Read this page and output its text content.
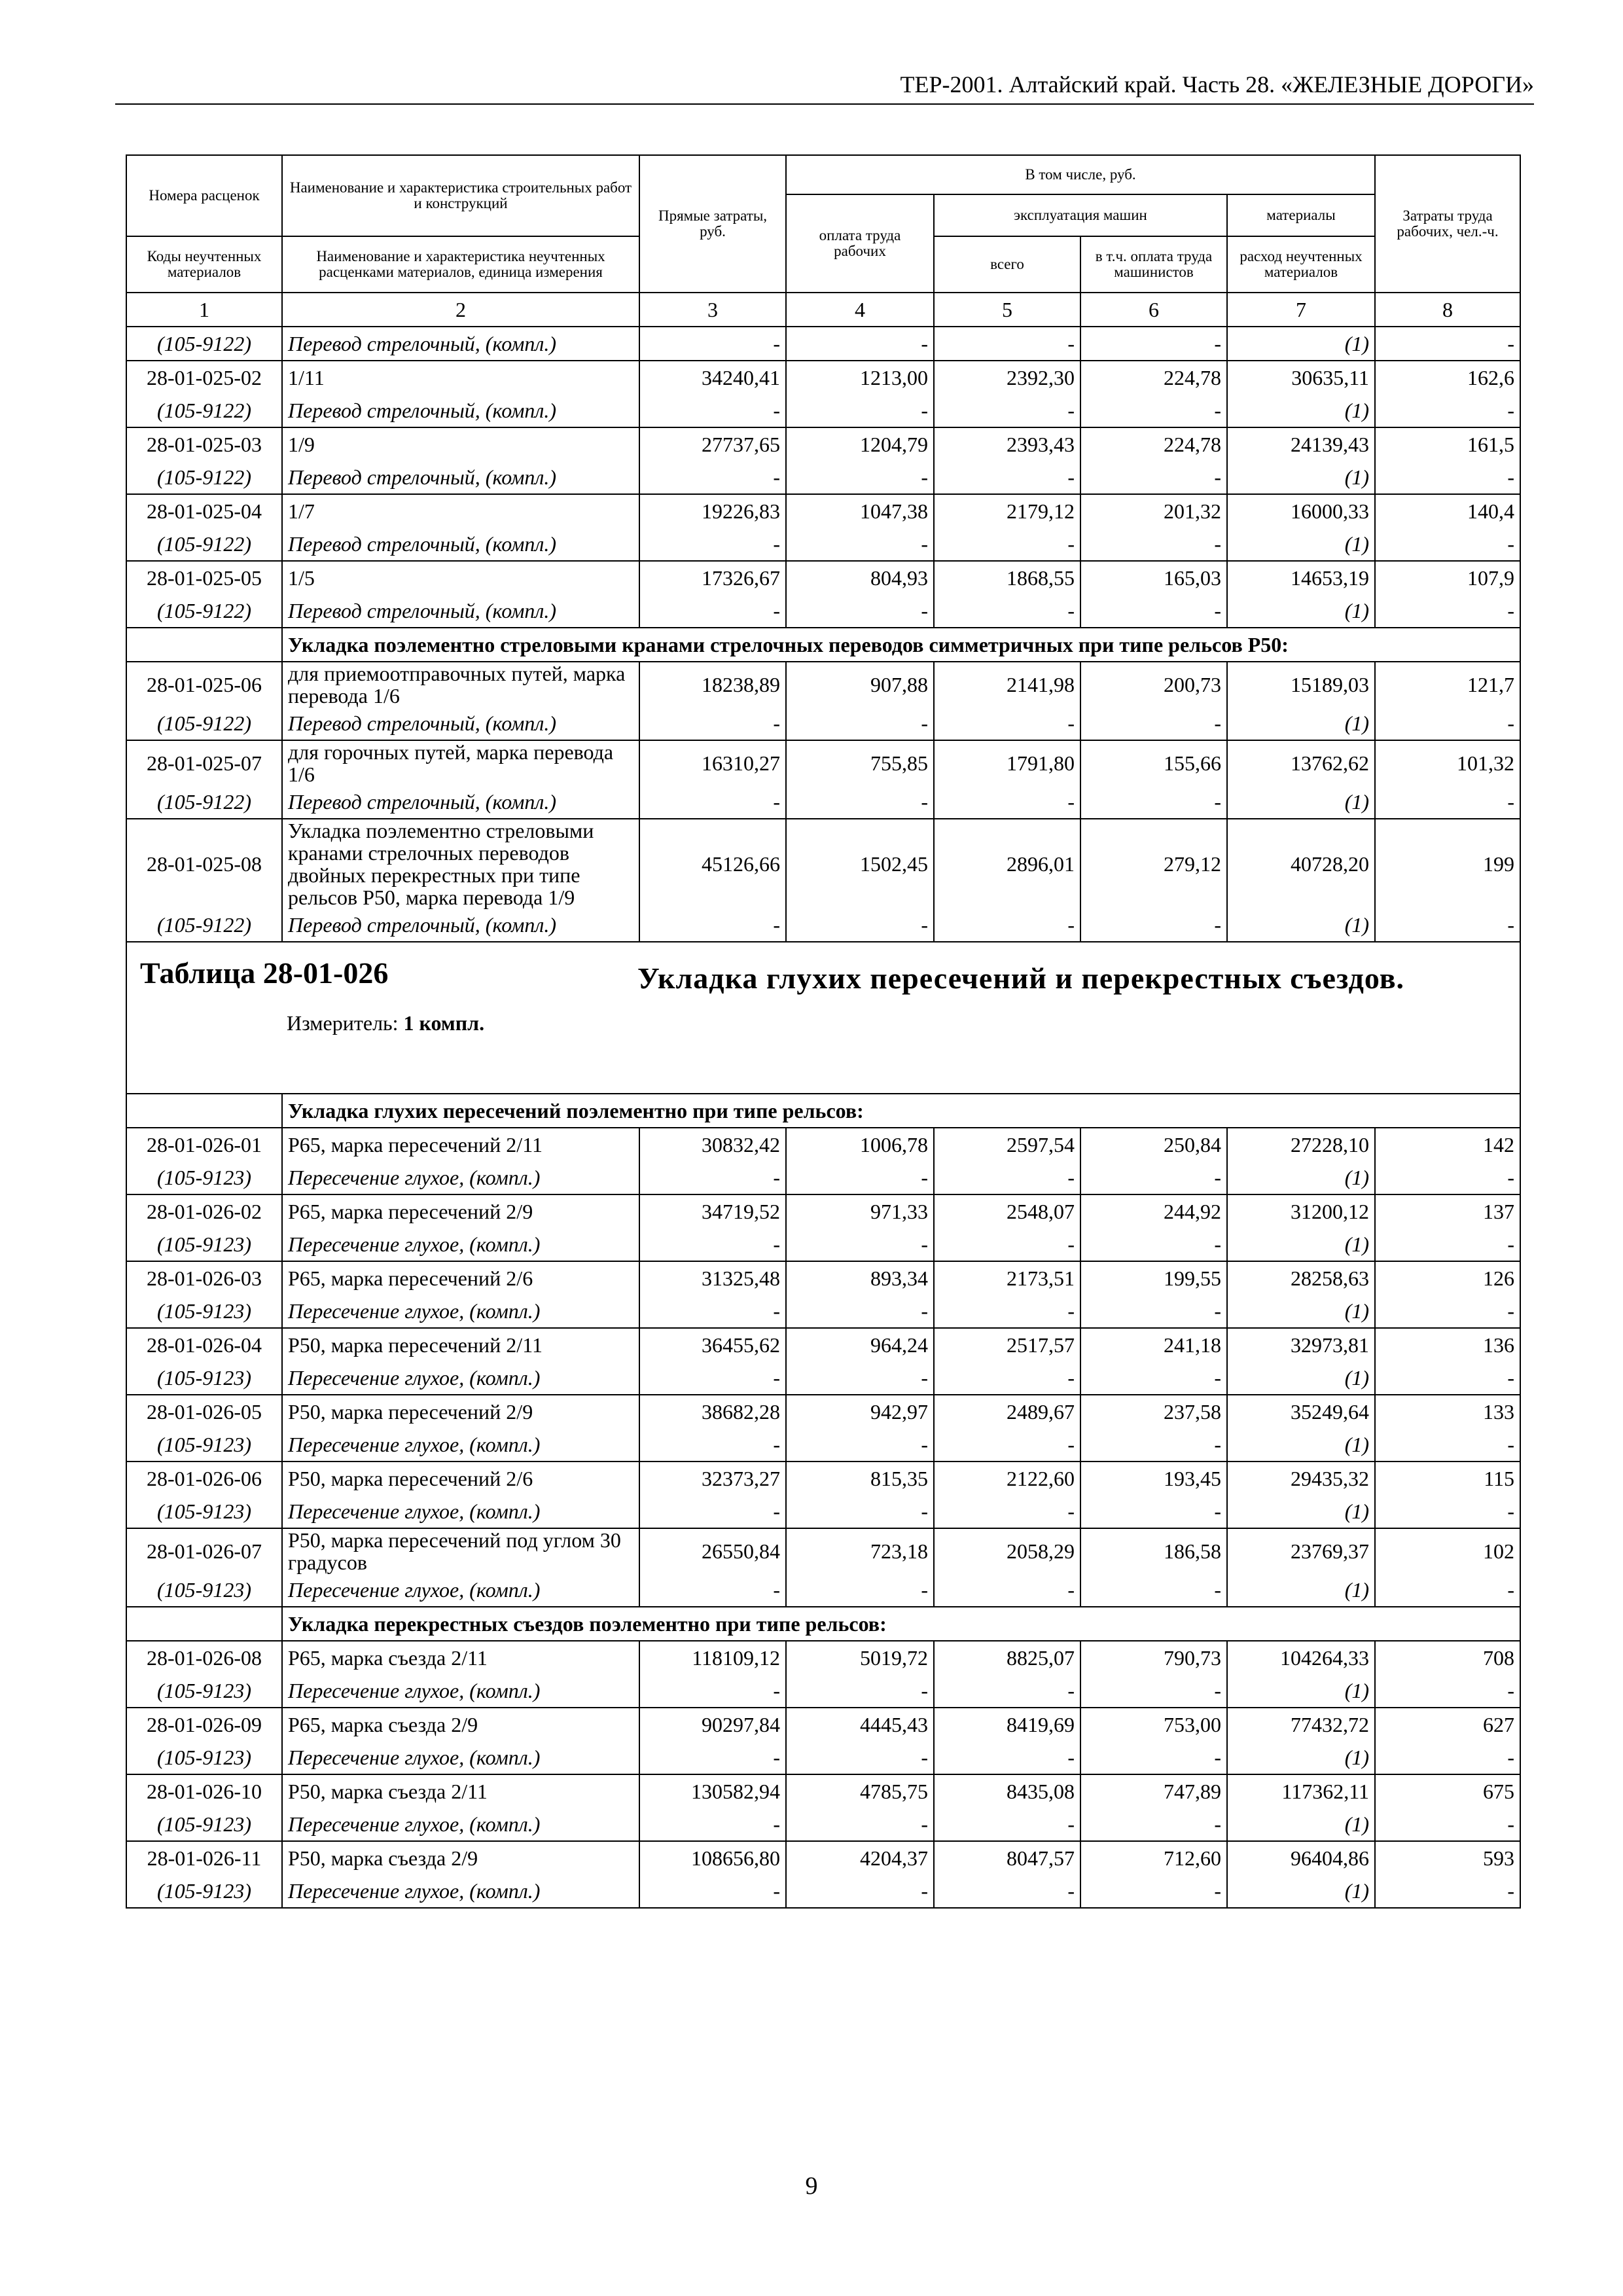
ТЕР-2001. Алтайский край. Часть 28. «ЖЕЛЕЗНЫЕ ДОРОГИ»
Номера расценок	Наименование и характеристика строительных работ и конструкций	Прямые затраты, руб.	В том числе, руб.				Затраты труда рабочих, чел.-ч.
			оплата труда рабочих	эксплуатация машин		материалы	
Коды неучтенных материалов	Наименование и характеристика неучтенных расценками материалов, единица измерения			всего	в т.ч. оплата труда машинистов	расход неучтенных материалов	
1	2	3	4	5	6	7	8
(105-9122)	Перевод стрелочный, (компл.)	-	-	-	-	(1)	-
28-01-025-02	1/11	34240,41	1213,00	2392,30	224,78	30635,11	162,6
(105-9122)	Перевод стрелочный, (компл.)	-	-	-	-	(1)	-
28-01-025-03	1/9	27737,65	1204,79	2393,43	224,78	24139,43	161,5
(105-9122)	Перевод стрелочный, (компл.)	-	-	-	-	(1)	-
28-01-025-04	1/7	19226,83	1047,38	2179,12	201,32	16000,33	140,4
(105-9122)	Перевод стрелочный, (компл.)	-	-	-	-	(1)	-
28-01-025-05	1/5	17326,67	804,93	1868,55	165,03	14653,19	107,9
(105-9122)	Перевод стрелочный, (компл.)	-	-	-	-	(1)	-
	Укладка поэлементно стреловыми кранами стрелочных переводов симметричных при типе рельсов Р50:						
28-01-025-06	для приемоотправочных путей, марка перевода 1/6	18238,89	907,88	2141,98	200,73	15189,03	121,7
(105-9122)	Перевод стрелочный, (компл.)	-	-	-	-	(1)	-
28-01-025-07	для горочных путей, марка перевода 1/6	16310,27	755,85	1791,80	155,66	13762,62	101,32
(105-9122)	Перевод стрелочный, (компл.)	-	-	-	-	(1)	-
28-01-025-08	Укладка поэлементно стреловыми кранами стрелочных переводов двойных перекрестных при типе рельсов Р50, марка перевода 1/9	45126,66	1502,45	2896,01	279,12	40728,20	199
(105-9122)	Перевод стрелочный, (компл.)	-	-	-	-	(1)	-
Таблица 28-01-026 Укладка глухих пересечений и перекрестных съездов.
Измеритель: 1 компл.							

	Укладка глухих пересечений поэлементно при типе рельсов:						
28-01-026-01	Р65, марка пересечений 2/11	30832,42	1006,78	2597,54	250,84	27228,10	142
(105-9123)	Пересечение глухое, (компл.)	-	-	-	-	(1)	-
28-01-026-02	Р65, марка пересечений 2/9	34719,52	971,33	2548,07	244,92	31200,12	137
(105-9123)	Пересечение глухое, (компл.)	-	-	-	-	(1)	-
28-01-026-03	Р65, марка пересечений 2/6	31325,48	893,34	2173,51	199,55	28258,63	126
(105-9123)	Пересечение глухое, (компл.)	-	-	-	-	(1)	-
28-01-026-04	Р50, марка пересечений 2/11	36455,62	964,24	2517,57	241,18	32973,81	136
(105-9123)	Пересечение глухое, (компл.)	-	-	-	-	(1)	-
28-01-026-05	Р50, марка пересечений 2/9	38682,28	942,97	2489,67	237,58	35249,64	133
(105-9123)	Пересечение глухое, (компл.)	-	-	-	-	(1)	-
28-01-026-06	Р50, марка пересечений 2/6	32373,27	815,35	2122,60	193,45	29435,32	115
(105-9123)	Пересечение глухое, (компл.)	-	-	-	-	(1)	-
28-01-026-07	Р50, марка пересечений под углом 30 градусов	26550,84	723,18	2058,29	186,58	23769,37	102
(105-9123)	Пересечение глухое, (компл.)	-	-	-	-	(1)	-
	Укладка перекрестных съездов поэлементно при типе рельсов:						
28-01-026-08	Р65, марка съезда 2/11	118109,12	5019,72	8825,07	790,73	104264,33	708
(105-9123)	Пересечение глухое, (компл.)	-	-	-	-	(1)	-
28-01-026-09	Р65, марка съезда 2/9	90297,84	4445,43	8419,69	753,00	77432,72	627
(105-9123)	Пересечение глухое, (компл.)	-	-	-	-	(1)	-
28-01-026-10	Р50, марка съезда 2/11	130582,94	4785,75	8435,08	747,89	117362,11	675
(105-9123)	Пересечение глухое, (компл.)	-	-	-	-	(1)	-
28-01-026-11	Р50, марка съезда 2/9	108656,80	4204,37	8047,57	712,60	96404,86	593
(105-9123)	Пересечение глухое, (компл.)	-	-	-	-	(1)	-
9
